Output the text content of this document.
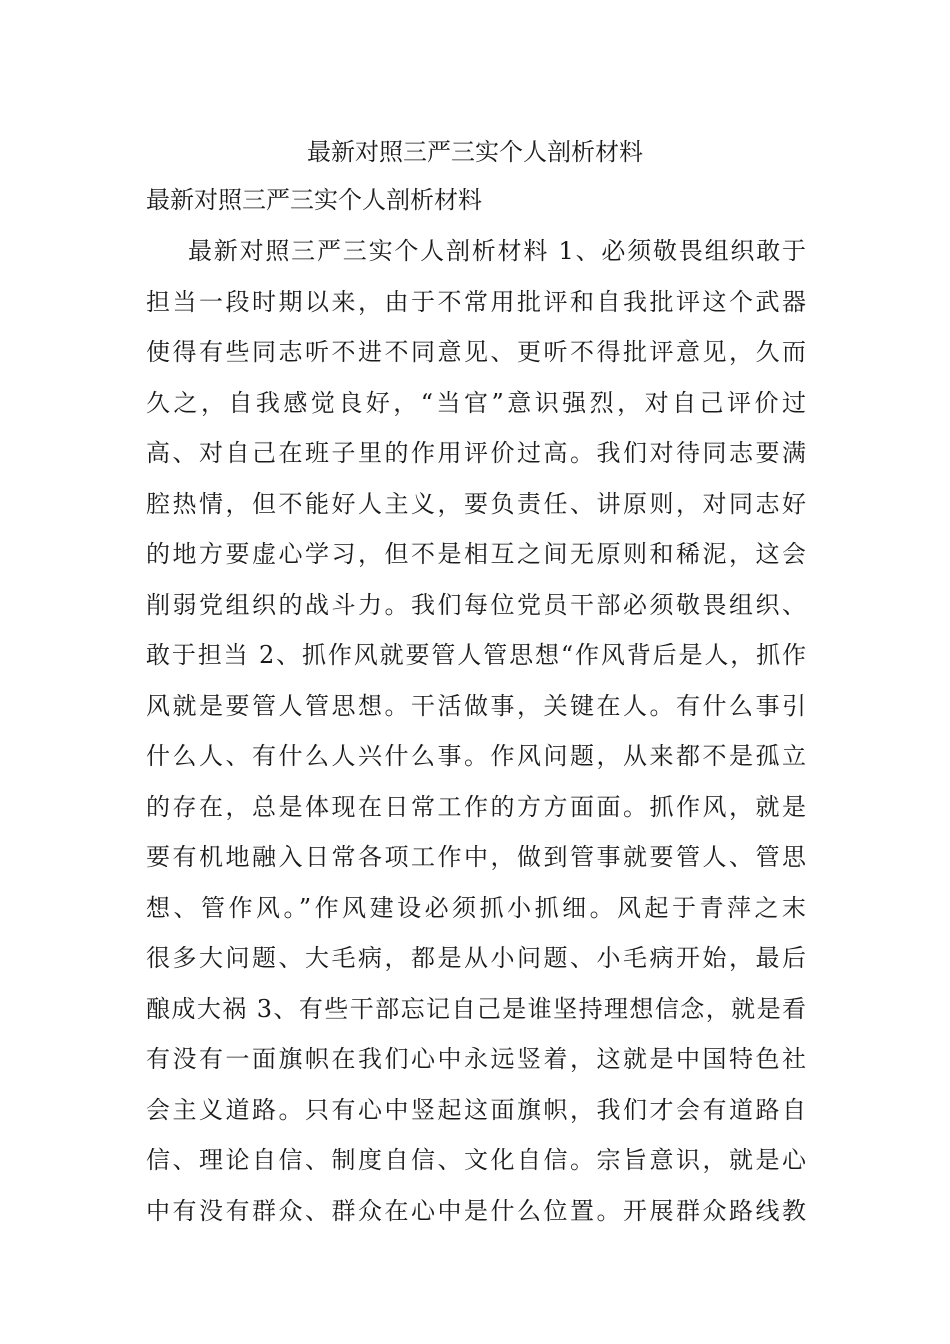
最新对照三严三实个人剖析材料

最新对照三严三实个人剖析材料

最新对照三严三实个人剖析材料 1、必须敬畏组织敢于
担当一段时期以来，由于不常用批评和自我批评这个武器
使得有些同志听不进不同意见、更听不得批评意见，久而
久之，自我感觉良好，“当官”意识强烈，对自己评价过
高、对自己在班子里的作用评价过高。我们对待同志要满
腔热情，但不能好人主义，要负责任、讲原则，对同志好
的地方要虚心学习，但不是相互之间无原则和稀泥，这会
削弱党组织的战斗力。我们每位党员干部必须敬畏组织、
敢于担当 2、抓作风就要管人管思想“作风背后是人，抓作
风就是要管人管思想。干活做事，关键在人。有什么事引
什么人、有什么人兴什么事。作风问题，从来都不是孤立
的存在，总是体现在日常工作的方方面面。抓作风，就是
要有机地融入日常各项工作中，做到管事就要管人、管思
想、管作风。”作风建设必须抓小抓细。风起于青萍之末
很多大问题、大毛病，都是从小问题、小毛病开始，最后
酿成大祸 3、有些干部忘记自己是谁坚持理想信念，就是看
有没有一面旗帜在我们心中永远竖着，这就是中国特色社
会主义道路。只有心中竖起这面旗帜，我们才会有道路自
信、理论自信、制度自信、文化自信。宗旨意识，就是心
中有没有群众、群众在心中是什么位置。开展群众路线教
